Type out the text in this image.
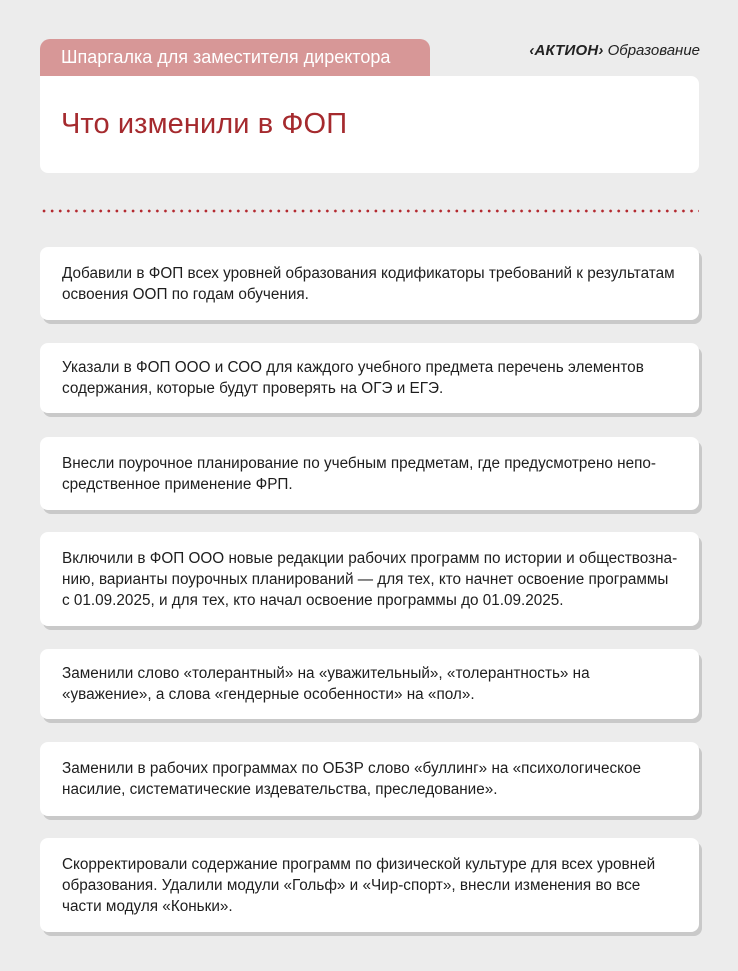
Шпаргалка для заместителя директора	‹АКТИОН› Образование
Что изменили в ФОП

Добавили в ФОП всех уровней образования кодификаторы требований к результатам освоения ООП по годам обучения.

Указали в ФОП ООО и СОО для каждого учебного предмета перечень элементов содержания, которые будут проверять на ОГЭ и ЕГЭ.

Внесли поурочное планирование по учебным предметам, где предусмотрено непосредственное применение ФРП.

Включили в ФОП ООО новые редакции рабочих программ по истории и обществознанию, варианты поурочных планирований — для тех, кто начнет освоение программы с 01.09.2025, и для тех, кто начал освоение программы до 01.09.2025.

Заменили слово «толерантный» на «уважительный», «толерантность» на «уважение», а слова «гендерные особенности» на «пол».

Заменили в рабочих программах по ОБЗР слово «буллинг» на «психологическое насилие, систематические издевательства, преследование».

Скорректировали содержание программ по физической культуре для всех уровней образования. Удалили модули «Гольф» и «Чир-спорт», внесли изменения во все части модуля «Коньки».
